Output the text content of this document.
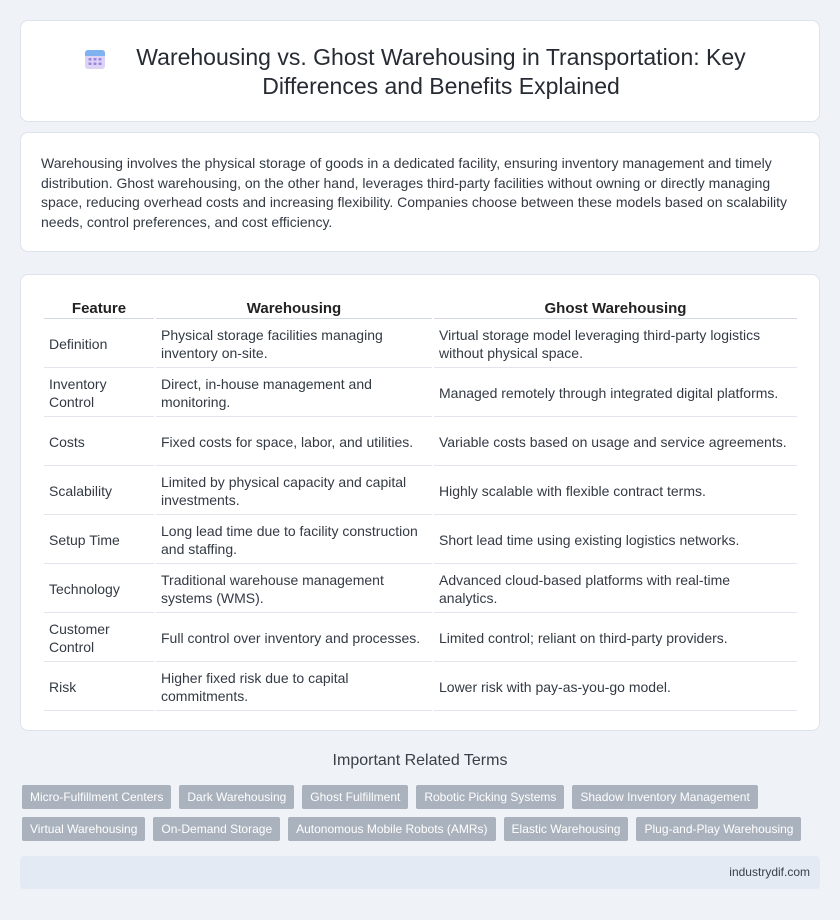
Warehousing vs. Ghost Warehousing in Transportation: Key Differences and Benefits Explained

Warehousing involves the physical storage of goods in a dedicated facility, ensuring inventory management and timely distribution. Ghost warehousing, on the other hand, leverages third-party facilities without owning or directly managing space, reducing overhead costs and increasing flexibility. Companies choose between these models based on scalability needs, control preferences, and cost efficiency.

Feature	Warehousing	Ghost Warehousing
Definition	Physical storage facilities managing inventory on-site.	Virtual storage model leveraging third-party logistics without physical space.
Inventory Control	Direct, in-house management and monitoring.	Managed remotely through integrated digital platforms.
Costs	Fixed costs for space, labor, and utilities.	Variable costs based on usage and service agreements.
Scalability	Limited by physical capacity and capital investments.	Highly scalable with flexible contract terms.
Setup Time	Long lead time due to facility construction and staffing.	Short lead time using existing logistics networks.
Technology	Traditional warehouse management systems (WMS).	Advanced cloud-based platforms with real-time analytics.
Customer Control	Full control over inventory and processes.	Limited control; reliant on third-party providers.
Risk	Higher fixed risk due to capital commitments.	Lower risk with pay-as-you-go model.
Important Related Terms
Micro-Fulfillment Centers	Dark Warehousing	Ghost Fulfillment	Robotic Picking Systems	Shadow Inventory Management
Virtual Warehousing	On-Demand Storage	Autonomous Mobile Robots (AMRs)	Elastic Warehousing	Plug-and-Play Warehousing
industrydif.com
